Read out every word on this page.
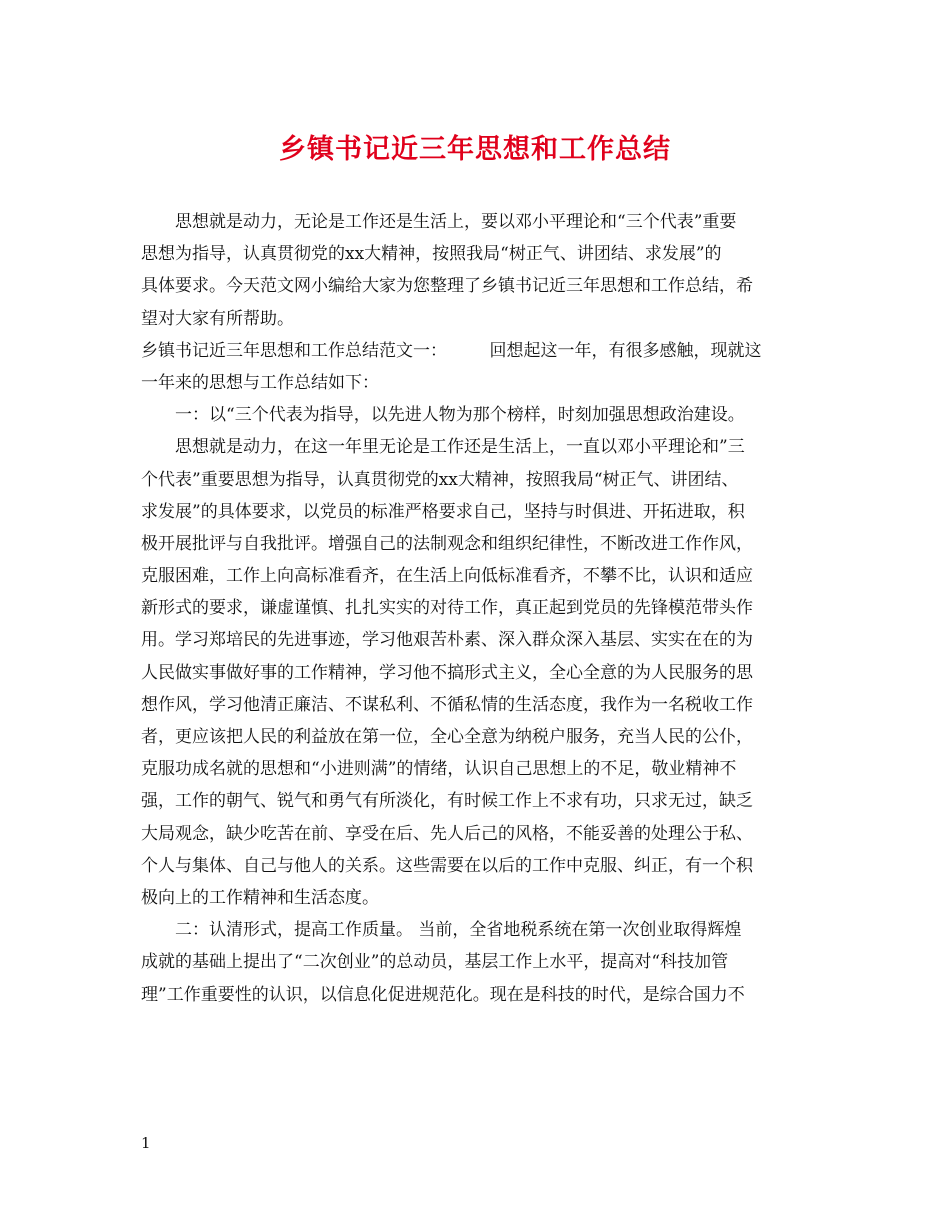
乡镇书记近三年思想和工作总结
思想就是动力，无论是工作还是生活上，要以邓小平理论和“三个代表”重要
思想为指导，认真贯彻党的xx大精神，按照我局“树正气、讲团结、求发展”的
具体要求。今天范文网小编给大家为您整理了乡镇书记近三年思想和工作总结，希
望对大家有所帮助。
乡镇书记近三年思想和工作总结范文一：　　　回想起这一年，有很多感触，现就这
一年来的思想与工作总结如下：
一：以“三个代表为指导，以先进人物为那个榜样，时刻加强思想政治建设。
思想就是动力，在这一年里无论是工作还是生活上，一直以邓小平理论和”三
个代表”重要思想为指导，认真贯彻党的xx大精神，按照我局“树正气、讲团结、
求发展”的具体要求，以党员的标准严格要求自己，坚持与时俱进、开拓进取，积
极开展批评与自我批评。增强自己的法制观念和组织纪律性，不断改进工作作风，
克服困难，工作上向高标准看齐，在生活上向低标准看齐，不攀不比，认识和适应
新形式的要求，谦虚谨慎、扎扎实实的对待工作，真正起到党员的先锋模范带头作
用。学习郑培民的先进事迹，学习他艰苦朴素、深入群众深入基层、实实在在的为
人民做实事做好事的工作精神，学习他不搞形式主义，全心全意的为人民服务的思
想作风，学习他清正廉洁、不谋私利、不循私情的生活态度，我作为一名税收工作
者，更应该把人民的利益放在第一位，全心全意为纳税户服务，充当人民的公仆，
克服功成名就的思想和“小进则满”的情绪，认识自己思想上的不足，敬业精神不
强，工作的朝气、锐气和勇气有所淡化，有时候工作上不求有功，只求无过，缺乏
大局观念，缺少吃苦在前、享受在后、先人后己的风格，不能妥善的处理公于私、
个人与集体、自己与他人的关系。这些需要在以后的工作中克服、纠正，有一个积
极向上的工作精神和生活态度。
二：认清形式，提高工作质量。 当前，全省地税系统在第一次创业取得辉煌
成就的基础上提出了“二次创业”的总动员，基层工作上水平，提高对“科技加管
理”工作重要性的认识，以信息化促进规范化。现在是科技的时代，是综合国力不
1
